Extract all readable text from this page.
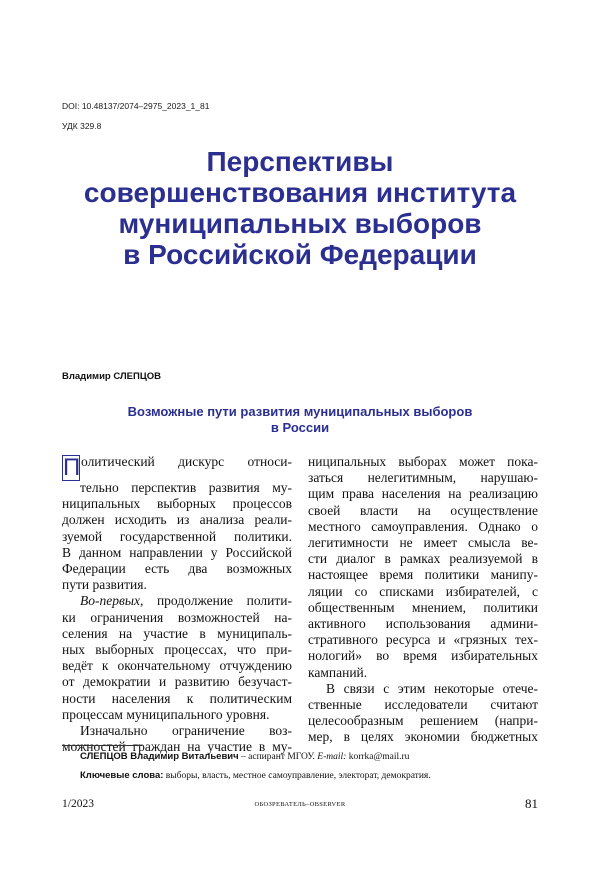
DOI: 10.48137/2074–2975_2023_1_81
УДК 329.8
Перспективы
совершенствования института
муниципальных выборов
в Российской Федерации
Владимир СЛЕПЦОВ
Возможные пути развития муниципальных выборов
в России
Политический дискурс относи-
тельно перспектив развития му-
ниципальных выборных процессов
должен исходить из анализа реали-
зуемой государственной политики.
В данном направлении у Российской
Федерации есть два возможных
пути развития.
Во-первых, продолжение полити-
ки ограничения возможностей на-
селения на участие в муниципаль-
ных выборных процессах, что при-
ведёт к окончательному отчуждению
от демократии и развитию безучаст-
ности населения к политическим
процессам муниципального уровня.
Изначально ограничение воз-
можностей граждан на участие в му-
ниципальных выборах может пока-
заться нелегитимным, нарушаю-
щим права населения на реализацию
своей власти на осуществление
местного самоуправления. Однако о
легитимности не имеет смысла ве-
сти диалог в рамках реализуемой в
настоящее время политики манипу-
ляции со списками избирателей, с
общественным мнением, политики
активного использования админи-
стративного ресурса и «грязных тех-
нологий» во время избирательных
кампаний.
В связи с этим некоторые отече-
ственные исследователи считают
целесообразным решением (напри-
мер, в целях экономии бюджетных
СЛЕПЦОВ Владимир Витальевич – аспирант МГОУ. E-mail: korrka@mail.ru
Ключевые слова: выборы, власть, местное самоуправление, электорат, демократия.
1/2023	ОБОЗРЕВАТЕЛЬ–OBSERVER	81
